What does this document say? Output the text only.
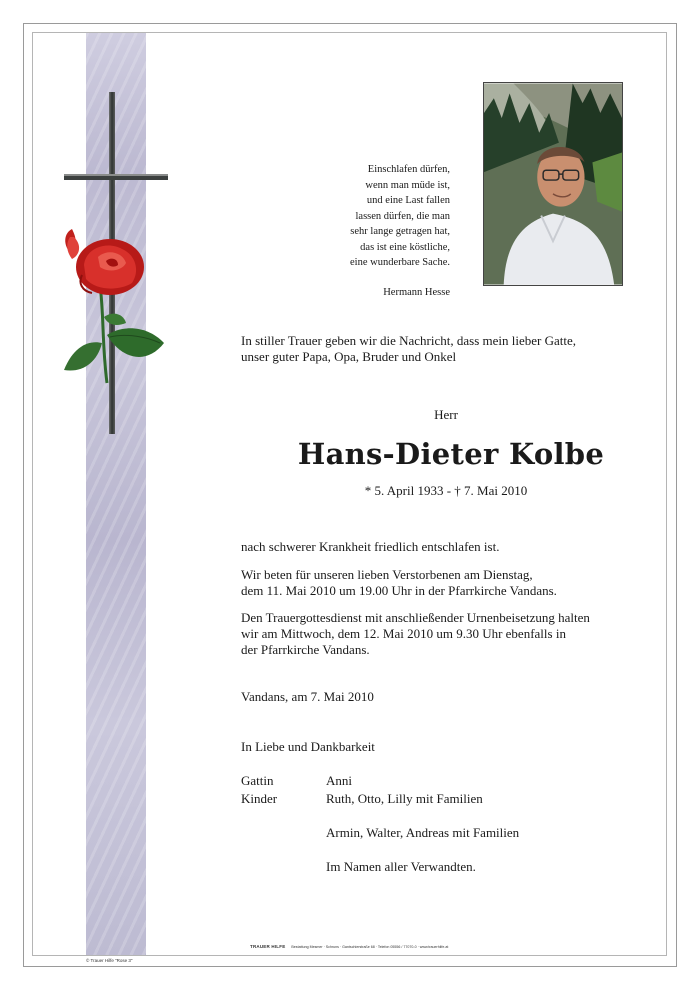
Einschlafen dürfen,
wenn man müde ist,
und eine Last fallen
lassen dürfen, die man
sehr lange getragen hat,
das ist eine köstliche,
eine wunderbare Sache.
Hermann Hesse
In stiller Trauer geben wir die Nachricht, dass mein lieber Gatte,
unser guter Papa, Opa, Bruder und Onkel
Herr
Hans-Dieter Kolbe
* 5. April 1933 - † 7. Mai 2010
nach schwerer Krankheit friedlich entschlafen ist.
Wir beten für unseren lieben Verstorbenen am Dienstag,
dem 11. Mai 2010 um 19.00 Uhr in der Pfarrkirche Vandans.
Den Trauergottesdienst mit anschließender Urnenbeisetzung halten
wir am Mittwoch, dem 12. Mai 2010 um 9.30 Uhr ebenfalls in
der Pfarrkirche Vandans.
Vandans, am 7. Mai 2010
In Liebe und Dankbarkeit
Gattin	Anni
Kinder	Ruth, Otto, Lilly mit Familien
Armin, Walter, Andreas mit Familien
Im Namen aller Verwandten.
TRAUER HILFE Bestattung Mesmer · Schruns · Gantschierstraße 68 · Telefon 05556 / 77070-0 · www.trauerhilfe.at
© Trauer Hilfe "Rose 3"
